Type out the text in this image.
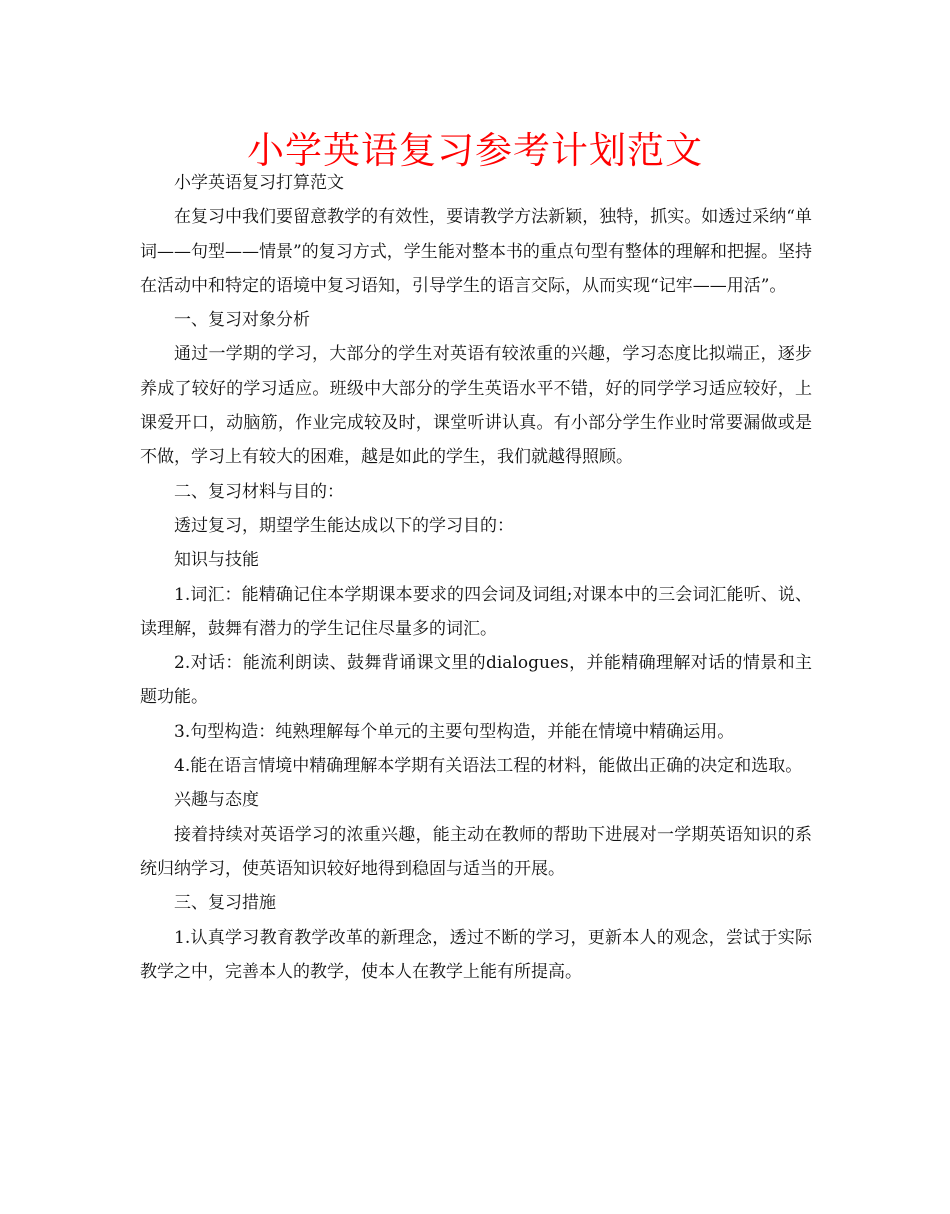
小学英语复习参考计划范文

小学英语复习打算范文

在复习中我们要留意教学的有效性，要请教学方法新颖，独特，抓实。如透过采纳“单词——句型——情景”的复习方式，学生能对整本书的重点句型有整体的理解和把握。坚持在活动中和特定的语境中复习语知，引导学生的语言交际，从而实现“记牢——用活”。

一、复习对象分析

通过一学期的学习，大部分的学生对英语有较浓重的兴趣，学习态度比拟端正，逐步养成了较好的学习适应。班级中大部分的学生英语水平不错，好的同学学习适应较好，上课爱开口，动脑筋，作业完成较及时，课堂听讲认真。有小部分学生作业时常要漏做或是不做，学习上有较大的困难，越是如此的学生，我们就越得照顾。

二、复习材料与目的：

透过复习，期望学生能达成以下的学习目的：

知识与技能

1.词汇：能精确记住本学期课本要求的四会词及词组;对课本中的三会词汇能听、说、读理解，鼓舞有潜力的学生记住尽量多的词汇。

2.对话：能流利朗读、鼓舞背诵课文里的dialogues，并能精确理解对话的情景和主题功能。

3.句型构造：纯熟理解每个单元的主要句型构造，并能在情境中精确运用。

4.能在语言情境中精确理解本学期有关语法工程的材料，能做出正确的决定和选取。

兴趣与态度

接着持续对英语学习的浓重兴趣，能主动在教师的帮助下进展对一学期英语知识的系统归纳学习，使英语知识较好地得到稳固与适当的开展。

三、复习措施

1.认真学习教育教学改革的新理念，透过不断的学习，更新本人的观念，尝试于实际教学之中，完善本人的教学，使本人在教学上能有所提高。
